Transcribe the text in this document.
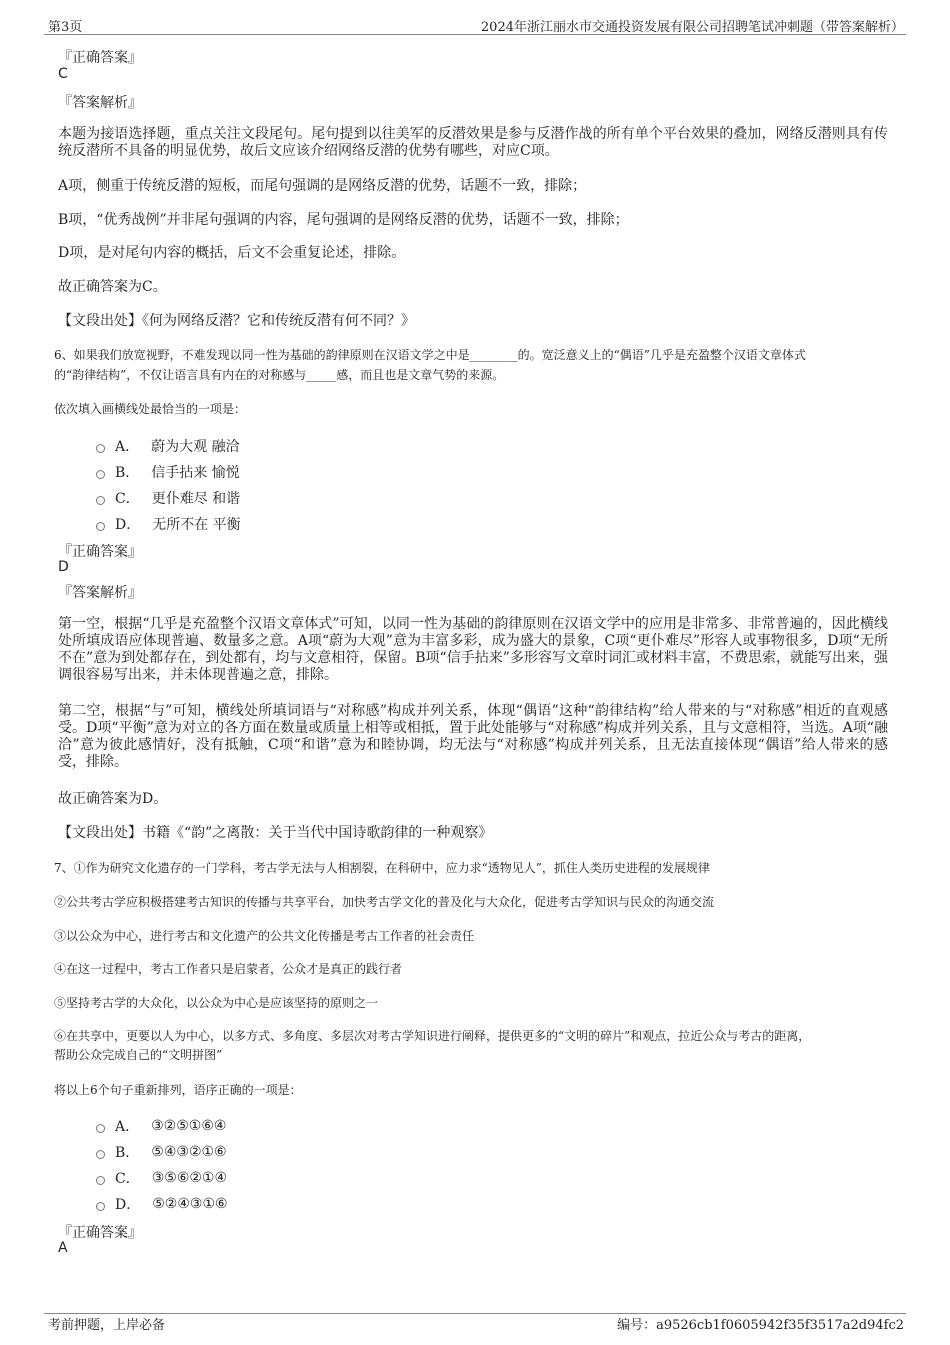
第3页	2024年浙江丽水市交通投资发展有限公司招聘笔试冲刺题（带答案解析）
『正确答案』
C
『答案解析』
本题为接语选择题，重点关注文段尾句。尾句提到以往美军的反潜效果是参与反潜作战的所有单个平台效果的叠加，网络反潜则具有传统反潜所不具备的明显优势，故后文应该介绍网络反潜的优势有哪些，对应C项。
A项，侧重于传统反潜的短板，而尾句强调的是网络反潜的优势，话题不一致，排除；
B项，“优秀战例”并非尾句强调的内容，尾句强调的是网络反潜的优势，话题不一致，排除；
D项，是对尾句内容的概括，后文不会重复论述，排除。
故正确答案为C。
【文段出处】《何为网络反潜？它和传统反潜有何不同？》
6、如果我们放宽视野，不难发现以同一性为基础的韵律原则在汉语文学之中是________的。宽泛意义上的“偶语”几乎是充盈整个汉语文章体式
的“韵律结构”，不仅让语言具有内在的对称感与_____感，而且也是文章气势的来源。
依次填入画横线处最恰当的一项是：
A． 蔚为大观 融洽
B． 信手拈来 愉悦
C． 更仆难尽 和谐
D． 无所不在 平衡
『正确答案』
D
『答案解析』
第一空，根据“几乎是充盈整个汉语文章体式”可知，以同一性为基础的韵律原则在汉语文学中的应用是非常多、非常普遍的，因此横线处所填成语应体现普遍、数量多之意。A项“蔚为大观”意为丰富多彩，成为盛大的景象，C项“更仆难尽”形容人或事物很多，D项“无所不在”意为到处都存在，到处都有，均与文意相符，保留。B项“信手拈来”多形容写文章时词汇或材料丰富，不费思索，就能写出来，强调很容易写出来，并未体现普遍之意，排除。
第二空，根据“与”可知，横线处所填词语与“对称感”构成并列关系，体现“偶语”这种“韵律结构”给人带来的与“对称感”相近的直观感受。D项“平衡”意为对立的各方面在数量或质量上相等或相抵，置于此处能够与“对称感”构成并列关系，且与文意相符，当选。A项“融洽”意为彼此感情好，没有抵触，C项“和谐”意为和睦协调，均无法与“对称感”构成并列关系，且无法直接体现“偶语”给人带来的感受，排除。
故正确答案为D。
【文段出处】书籍《“韵”之离散：关于当代中国诗歌韵律的一种观察》
7、①作为研究文化遗存的一门学科，考古学无法与人相割裂，在科研中，应力求“透物见人”，抓住人类历史进程的发展规律
②公共考古学应积极搭建考古知识的传播与共享平台，加快考古学文化的普及化与大众化，促进考古学知识与民众的沟通交流
③以公众为中心，进行考古和文化遗产的公共文化传播是考古工作者的社会责任
④在这一过程中，考古工作者只是启蒙者，公众才是真正的践行者
⑤坚持考古学的大众化，以公众为中心是应该坚持的原则之一
⑥在共享中，更要以人为中心，以多方式、多角度、多层次对考古学知识进行阐释，提供更多的“文明的碎片”和观点，拉近公众与考古的距离，
帮助公众完成自己的“文明拼图”
将以上6个句子重新排列，语序正确的一项是：
A． ③②⑤①⑥④
B． ⑤④③②①⑥
C． ③⑤⑥②①④
D． ⑤②④③①⑥
『正确答案』
A
考前押题，上岸必备	编号：a9526cb1f0605942f35f3517a2d94fc2
